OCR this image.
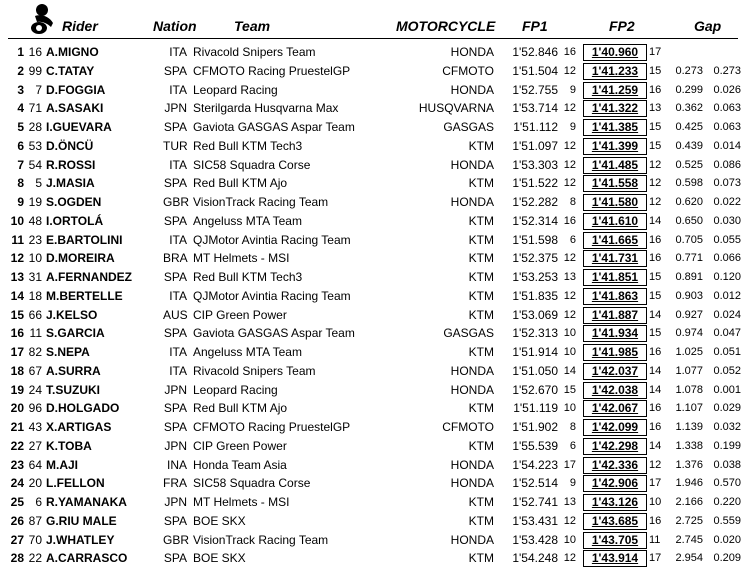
Rider	Nation	Team	MOTORCYCLE FP1	FP2	Gap
1 16 A.MIGNO	ITA Rivacold Snipers Team	HONDA	1'52.846 16	1'40.960 17
2 99 C.TATAY	SPA CFMOTO Racing PruestelGP	CFMOTO	1'51.504 12	1'41.233 15	0.273 0.273
3 7 D.FOGGIA	ITA Leopard Racing	HONDA	1'52.755	9	1'41.259 16	0.299 0.026
4 71 A.SASAKI	JPN Sterilgarda Husqvarna Max	HUSQVARNA	1'53.714 12	1'41.322 13	0.362 0.063
5 28 I.GUEVARA	SPA Gaviota GASGAS Aspar Team	GASGAS	1'51.112	9	1'41.385 15	0.425 0.063
6 53 D.ÖNCÜ	TUR Red Bull KTM Tech3	KTM	1'51.097 12	1'41.399 15	0.439 0.014
7 54 R.ROSSI	ITA SIC58 Squadra Corse	HONDA	1'53.303 12	1'41.485 12	0.525 0.086
8 5 J.MASIA	SPA Red Bull KTM Ajo	KTM	1'51.522 12	1'41.558 12	0.598 0.073
9 19 S.OGDEN	GBR VisionTrack Racing Team	HONDA	1'52.282	8	1'41.580 12	0.620 0.022
10 48 I.ORTOLÁ	SPA Angeluss MTA Team	KTM	1'52.314 16	1'41.610 14	0.650 0.030
11 23 E.BARTOLINI	ITA QJMotor Avintia Racing Team	KTM	1'51.598	6	1'41.665 16	0.705 0.055
12 10 D.MOREIRA	BRA MT Helmets - MSI	KTM	1'52.375 12	1'41.731 16	0.771 0.066
13 31 A.FERNANDEZ	SPA Red Bull KTM Tech3	KTM	1'53.253 13	1'41.851 15	0.891 0.120
14 18 M.BERTELLE	ITA QJMotor Avintia Racing Team	KTM	1'51.835 12	1'41.863 15	0.903 0.012
15 66 J.KELSO	AUS CIP Green Power	KTM	1'53.069 12	1'41.887 14	0.927 0.024
16 11 S.GARCIA	SPA Gaviota GASGAS Aspar Team	GASGAS	1'52.313 10	1'41.934 15	0.974 0.047
17 82 S.NEPA	ITA Angeluss MTA Team	KTM	1'51.914 10	1'41.985 16	1.025 0.051
18 67 A.SURRA	ITA Rivacold Snipers Team	HONDA	1'51.050 14	1'42.037 14	1.077 0.052
19 24 T.SUZUKI	JPN Leopard Racing	HONDA	1'52.670 15	1'42.038 14	1.078 0.001
20 96 D.HOLGADO	SPA Red Bull KTM Ajo	KTM	1'51.119 10	1'42.067 16	1.107 0.029
21 43 X.ARTIGAS	SPA CFMOTO Racing PruestelGP	CFMOTO	1'51.902	8	1'42.099 16	1.139 0.032
22 27 K.TOBA	JPN CIP Green Power	KTM	1'55.539	6	1'42.298 14	1.338 0.199
23 64 M.AJI	INA Honda Team Asia	HONDA	1'54.223 17	1'42.336 12	1.376 0.038
24 20 L.FELLON	FRA SIC58 Squadra Corse	HONDA	1'52.514	9	1'42.906 17	1.946 0.570
25 6 R.YAMANAKA	JPN MT Helmets - MSI	KTM	1'52.741 13	1'43.126 10	2.166 0.220
26 87 G.RIU MALE	SPA BOE SKX	KTM	1'53.431 12	1'43.685 16	2.725 0.559
27 70 J.WHATLEY	GBR VisionTrack Racing Team	HONDA	1'53.428 10	1'43.705 11	2.745 0.020
28 22 A.CARRASCO	SPA BOE SKX	KTM	1'54.248 12	1'43.914 17	2.954 0.209
